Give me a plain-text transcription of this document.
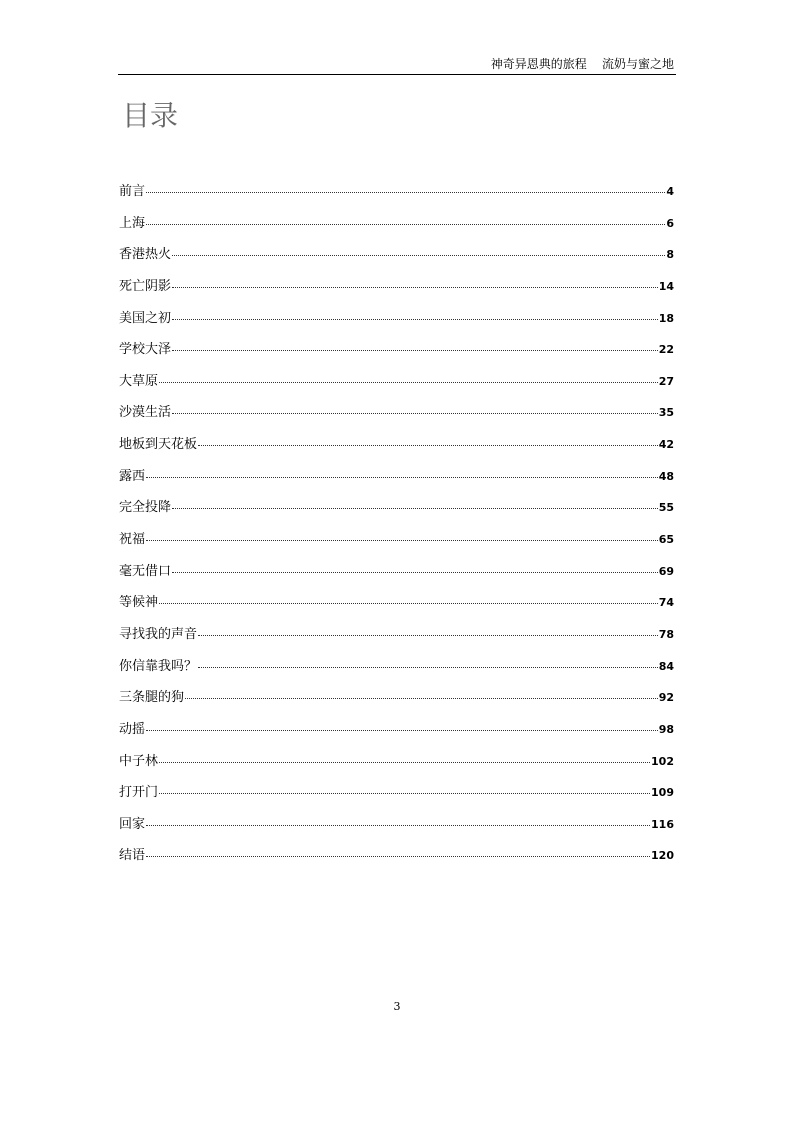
神奇异恩典的旅程    流奶与蜜之地
目录
前言	4
上海	6
香港热火	8
死亡阴影	14
美国之初	18
学校大泽	22
大草原	27
沙漠生活	35
地板到天花板	42
露西	48
完全投降	55
祝福	65
毫无借口	69
等候神	74
寻找我的声音	78
你信靠我吗？	84
三条腿的狗	92
动摇	98
中子林	102
打开门	109
回家	116
结语	120
3
